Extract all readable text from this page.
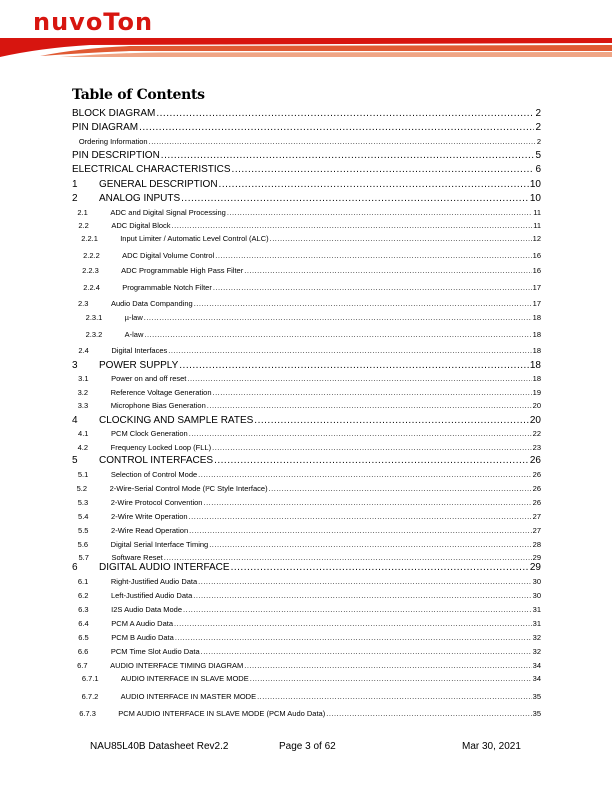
nuvoTon
Table of Contents
BLOCK DIAGRAM .....	2
PIN DIAGRAM .....	2
Ordering Information .....	2
PIN DESCRIPTION .....	5
ELECTRICAL CHARACTERISTICS .....	6
1	GENERAL DESCRIPTION .....	10
2	ANALOG INPUTS .....	10
2.1	ADC and Digital Signal Processing .....	11
2.2	ADC Digital Block .....	11
2.2.1	Input Limiter / Automatic Level Control (ALC) .....	12
2.2.2	ADC Digital Volume Control .....	16
2.2.3	ADC Programmable High Pass Filter .....	16
2.2.4	Programmable Notch Filter .....	17
2.3	Audio Data Companding .....	17
2.3.1	µ-law .....	18
2.3.2	A-law .....	18
2.4	Digital Interfaces .....	18
3	POWER SUPPLY .....	18
3.1	Power on and off reset .....	18
3.2	Reference Voltage Generation .....	19
3.3	Microphone Bias Generation .....	20
4	CLOCKING AND SAMPLE RATES .....	20
4.1	PCM Clock Generation .....	22
4.2	Frequency Locked Loop (FLL) .....	23
5	CONTROL INTERFACES .....	26
5.1	Selection of Control Mode .....	26
5.2	2-Wire-Serial Control Mode (I²C Style Interface) .....	26
5.3	2-Wire Protocol Convention .....	26
5.4	2-Wire Write Operation .....	27
5.5	2-Wire Read Operation .....	27
5.6	Digital Serial Interface Timing .....	28
5.7	Software Reset .....	29
6	DIGITAL AUDIO INTERFACE .....	29
6.1	Right-Justified Audio Data .....	30
6.2	Left-Justified Audio Data .....	30
6.3	I2S Audio Data Mode .....	31
6.4	PCM A Audio Data .....	31
6.5	PCM B Audio Data .....	32
6.6	PCM Time Slot Audio Data .....	32
6.7	AUDIO INTERFACE TIMING DIAGRAM .....	34
6.7.1	AUDIO INTERFACE IN SLAVE MODE .....	34
6.7.2	AUDIO INTERFACE IN MASTER MODE .....	35
6.7.3	PCM AUDIO INTERFACE IN SLAVE MODE (PCM Audo Data) .....	35
NAU85L40B Datasheet Rev2.2	Page 3 of 62	Mar 30, 2021
